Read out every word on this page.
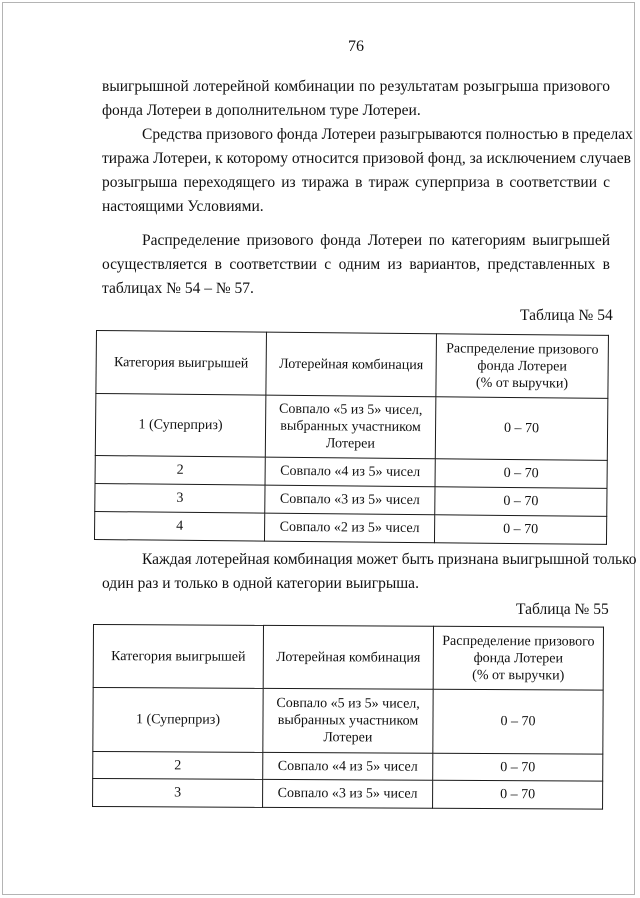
76
выигрышной лотерейной комбинации по результатам розыгрыша призового
фонда Лотереи в дополнительном туре Лотереи.
Средства призового фонда Лотереи разыгрываются полностью в пределах
тиража Лотереи, к которому относится призовой фонд, за исключением случаев
розыгрыша переходящего из тиража в тираж суперприза в соответствии с
настоящими Условиями.
Распределение призового фонда Лотереи по категориям выигрышей
осуществляется в соответствии с одним из вариантов, представленных в
таблицах № 54 – № 57.
Таблица № 54
Категория выигрышей	Лотерейная комбинация	Распределение призового
фонда Лотереи
(% от выручки)

1 (Суперприз)	Совпало «5 из 5» чисел,
выбранных участником
Лотереи	0 – 70
2	Совпало «4 из 5» чисел	0 – 70
3	Совпало «3 из 5» чисел	0 – 70
4	Совпало «2 из 5» чисел	0 – 70
Каждая лотерейная комбинация может быть признана выигрышной только
один раз и только в одной категории выигрыша.
Таблица № 55
Категория выигрышей	Лотерейная комбинация	Распределение призового
фонда Лотереи
(% от выручки)

1 (Суперприз)	Совпало «5 из 5» чисел,
выбранных участником
Лотереи	0 – 70
2	Совпало «4 из 5» чисел	0 – 70
3	Совпало «3 из 5» чисел	0 – 70
